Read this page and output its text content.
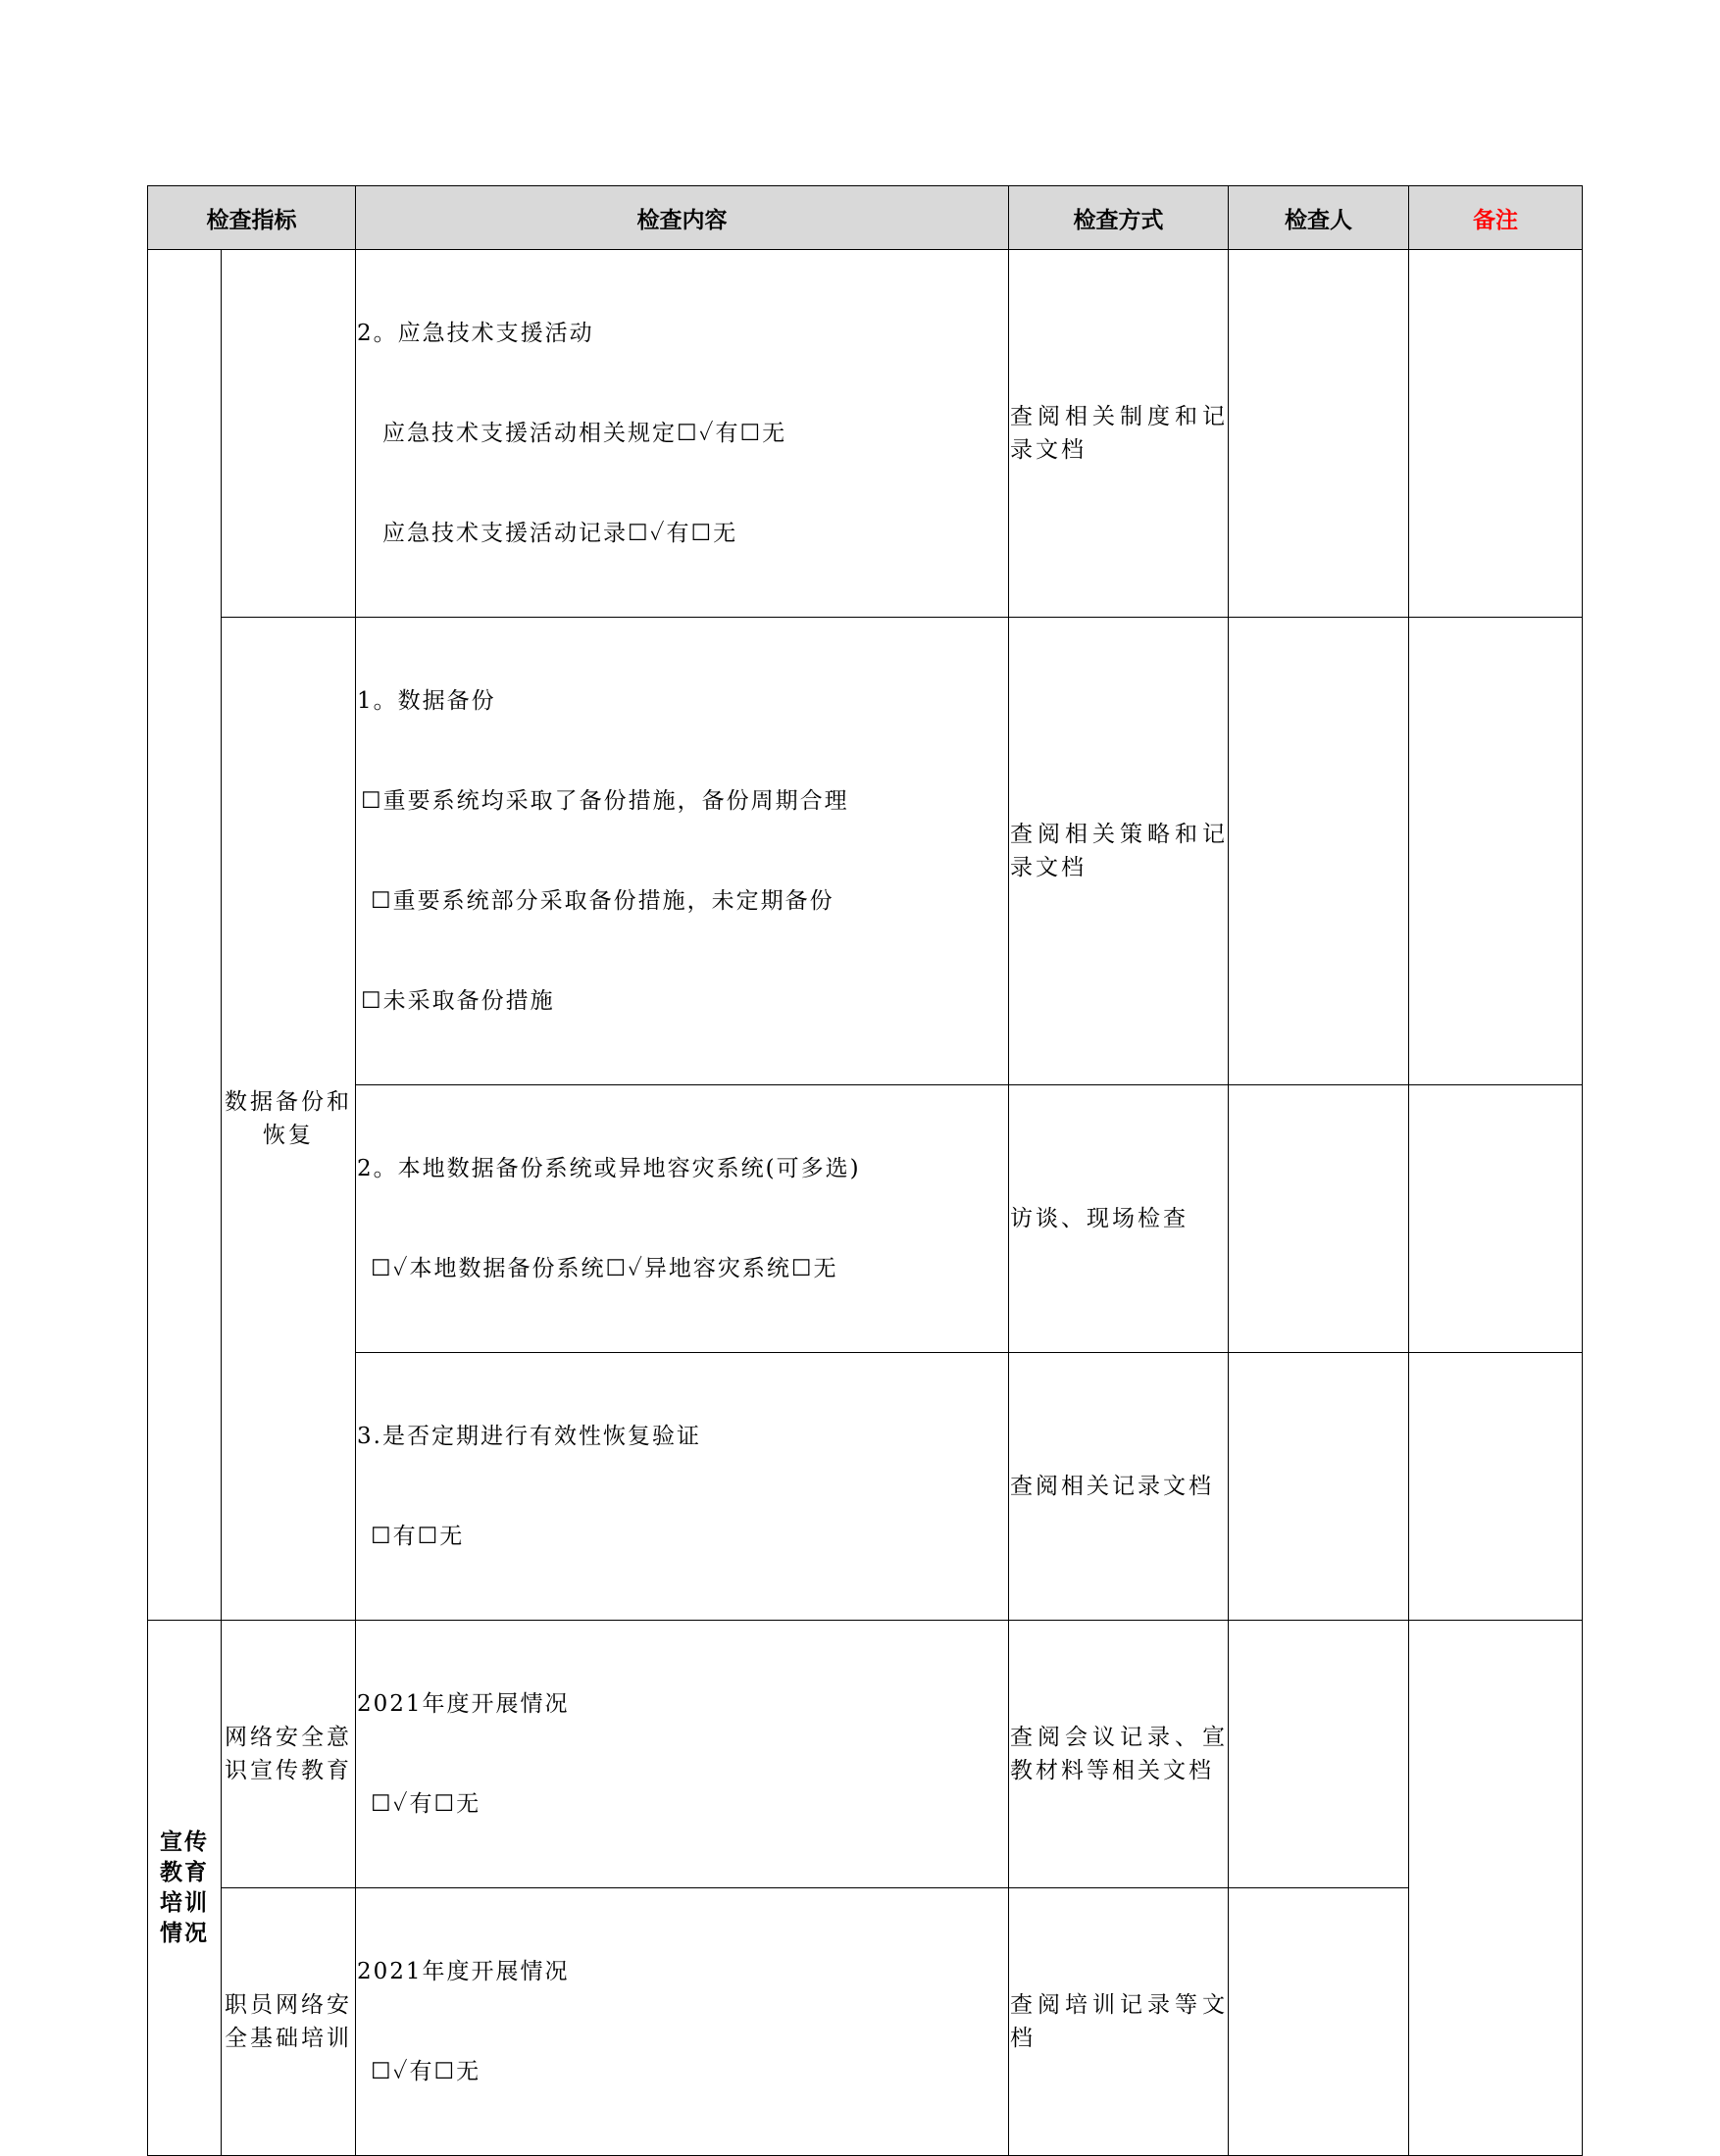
检查指标		检查内容	检查方式	检查人	备注

		2。应急技术支援活动

应急技术支援活动相关规定☐✓有☐无

应急技术支援活动记录☐✓有☐无	查阅相关制度和记录文档		

	数据备份和恢复	1。数据备份

☐重要系统均采取了备份措施，备份周期合理

☐重要系统部分采取备份措施，未定期备份

☐未采取备份措施	查阅相关策略和记录文档		

		2。本地数据备份系统或异地容灾系统(可多选)

☐✓本地数据备份系统☐✓异地容灾系统☐无	访谈、现场检查		

		3.是否定期进行有效性恢复验证

☐有☐无	查阅相关记录文档		

宣传教育培训情况	网络安全意识宣传教育	2021年度开展情况

☐✓有☐无	查阅会议记录、宣教材料等相关文档		

	职员网络安全基础培训	2021年度开展情况

☐✓有☐无	查阅培训记录等文档		
